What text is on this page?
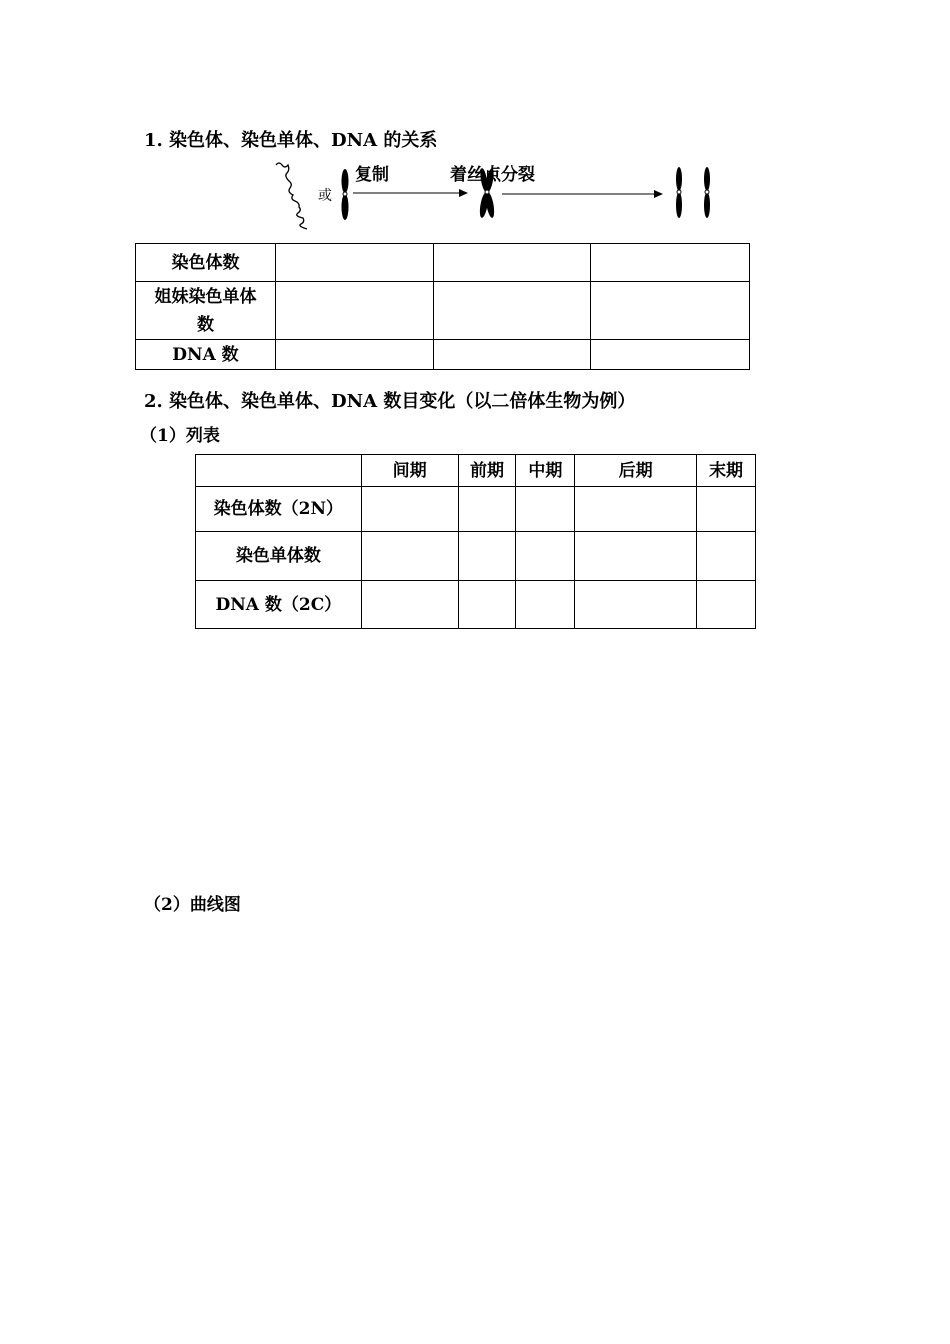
1. 染色体、染色单体、DNA 的关系
或
复制	着丝点分裂
染色体数			

姐妹染色单体数			

DNA 数			
2. 染色体、染色单体、DNA 数目变化（以二倍体生物为例）
（1）列表
	间期	前期	中期	后期	末期
染色体数（2N）					
染色单体数					
DNA 数（2C）					
（2）曲线图
